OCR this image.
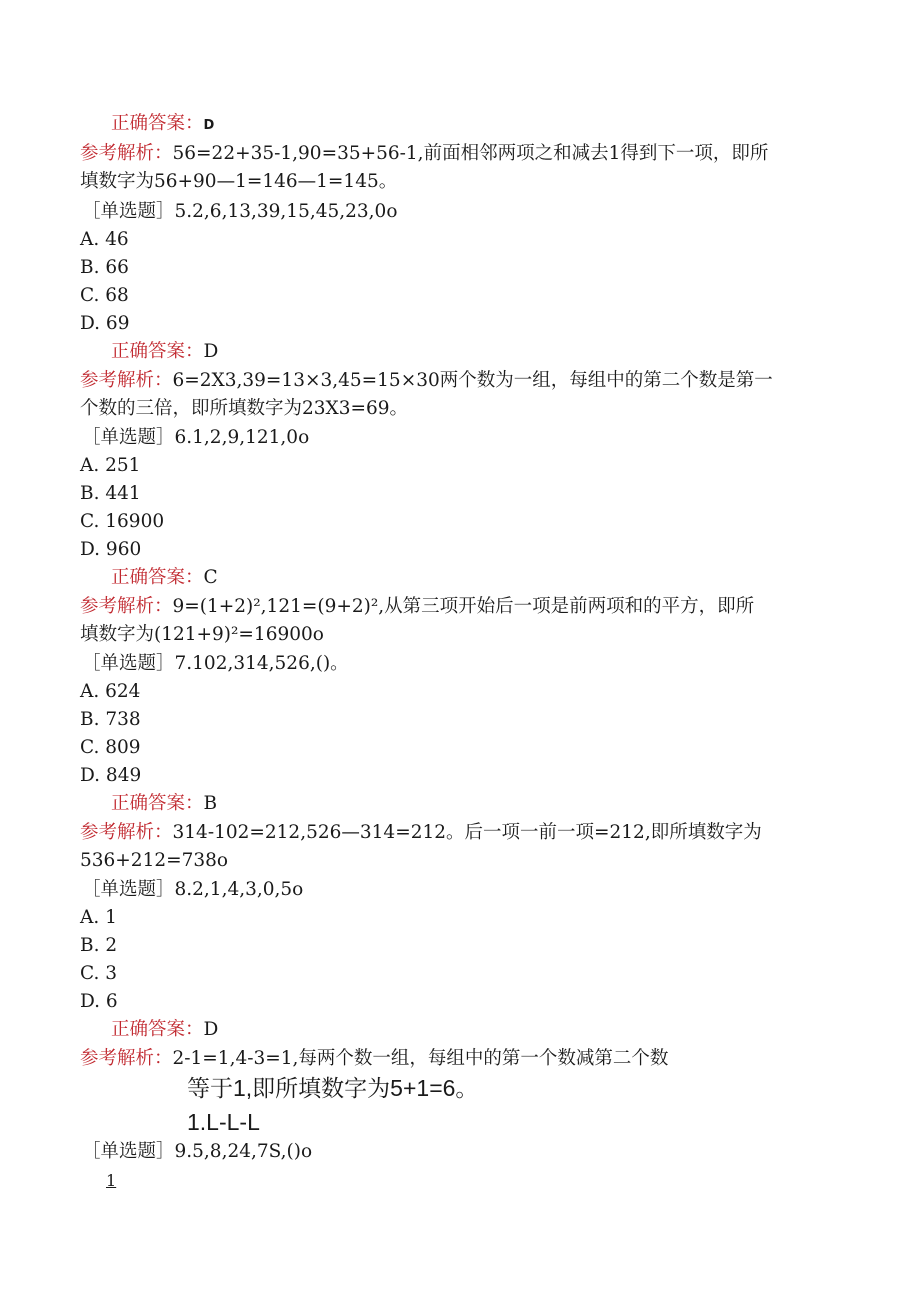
正确答案：D
参考解析：56=22+35-1,90=35+56-1,前面相邻两项之和减去1得到下一项，即所
填数字为56+90—1=146—1=145。
［单选题］5.2,6,13,39,15,45,23,0o
A. 46
B. 66
C. 68
D. 69
正确答案：D
参考解析：6=2X3,39=13×3,45=15×30两个数为一组，每组中的第二个数是第一
个数的三倍，即所填数字为23X3=69。
［单选题］6.1,2,9,121,0o
A. 251
B. 441
C. 16900
D. 960
正确答案：C
参考解析：9=(1+2)²,121=(9+2)²,从第三项开始后一项是前两项和的平方，即所
填数字为(121+9)²=16900o
［单选题］7.102,314,526,()。
A. 624
B. 738
C. 809
D. 849
正确答案：B
参考解析：314-102=212,526—314=212。后一项一前一项=212,即所填数字为
536+212=738o
［单选题］8.2,1,4,3,0,5o
A. 1
B. 2
C. 3
D. 6
正确答案：D
参考解析：2-1=1,4-3=1,每两个数一组，每组中的第一个数减第二个数
等于1,即所填数字为5+1=6。
1.L-L-L
［单选题］9.5,8,24,7S,()o
1
